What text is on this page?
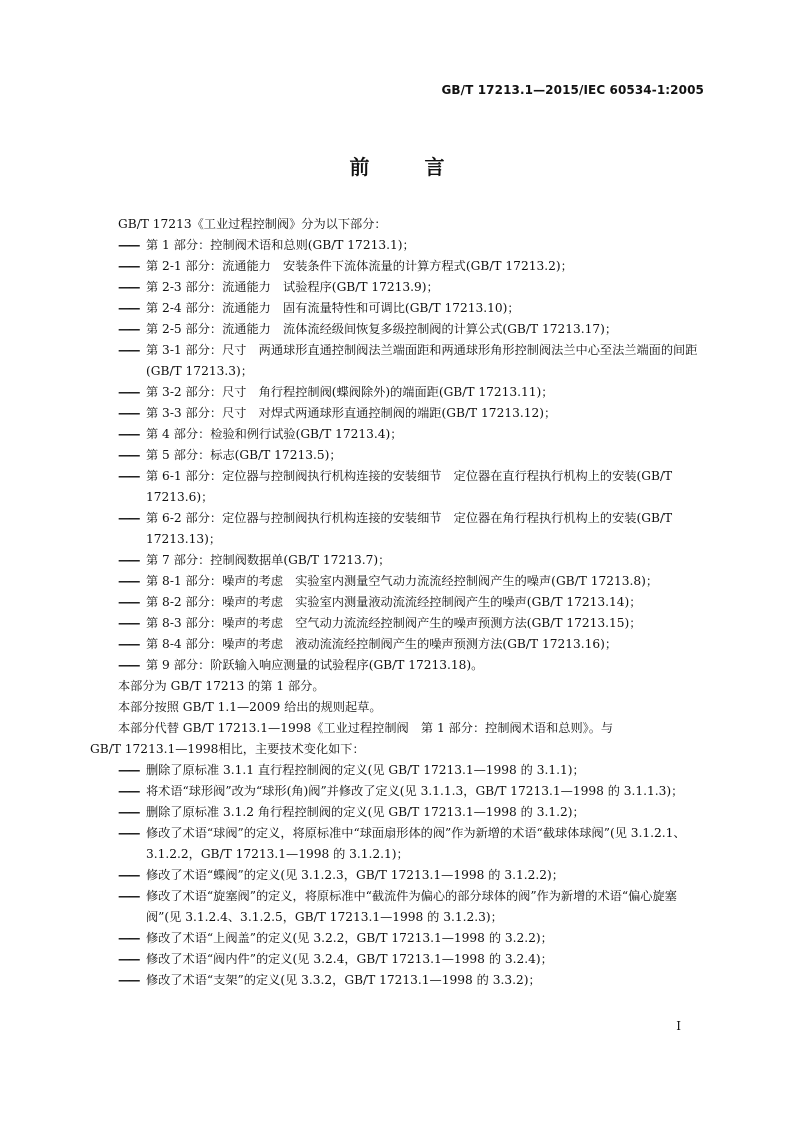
GB/T 17213.1—2015/IEC 60534-1:2005
前 言

GB/T 17213《工业过程控制阀》分为以下部分：

—— 第 1 部分：控制阀术语和总则(GB/T 17213.1)；

—— 第 2-1 部分：流通能力　安装条件下流体流量的计算方程式(GB/T 17213.2)；

—— 第 2-3 部分：流通能力　试验程序(GB/T 17213.9)；

—— 第 2-4 部分：流通能力　固有流量特性和可调比(GB/T 17213.10)；

—— 第 2-5 部分：流通能力　流体流经级间恢复多级控制阀的计算公式(GB/T 17213.17)；

—— 第 3-1 部分：尺寸　两通球形直通控制阀法兰端面距和两通球形角形控制阀法兰中心至法兰端面的间距(GB/T 17213.3)；

—— 第 3-2 部分：尺寸　角行程控制阀(蝶阀除外)的端面距(GB/T 17213.11)；

—— 第 3-3 部分：尺寸　对焊式两通球形直通控制阀的端距(GB/T 17213.12)；

—— 第 4 部分：检验和例行试验(GB/T 17213.4)；

—— 第 5 部分：标志(GB/T 17213.5)；

—— 第 6-1 部分：定位器与控制阀执行机构连接的安装细节　定位器在直行程执行机构上的安装(GB/T 17213.6)；

—— 第 6-2 部分：定位器与控制阀执行机构连接的安装细节　定位器在角行程执行机构上的安装(GB/T 17213.13)；

—— 第 7 部分：控制阀数据单(GB/T 17213.7)；

—— 第 8-1 部分：噪声的考虑　实验室内测量空气动力流流经控制阀产生的噪声(GB/T 17213.8)；

—— 第 8-2 部分：噪声的考虑　实验室内测量液动流流经控制阀产生的噪声(GB/T 17213.14)；

—— 第 8-3 部分：噪声的考虑　空气动力流流经控制阀产生的噪声预测方法(GB/T 17213.15)；

—— 第 8-4 部分：噪声的考虑　液动流流经控制阀产生的噪声预测方法(GB/T 17213.16)；

—— 第 9 部分：阶跃输入响应测量的试验程序(GB/T 17213.18)。

本部分为 GB/T 17213 的第 1 部分。

本部分按照 GB/T 1.1—2009 给出的规则起草。

本部分代替 GB/T 17213.1—1998《工业过程控制阀　第 1 部分：控制阀术语和总则》。与

GB/T 17213.1—1998相比，主要技术变化如下：

—— 删除了原标准 3.1.1 直行程控制阀的定义(见 GB/T 17213.1—1998 的 3.1.1)；

—— 将术语“球形阀”改为“球形(角)阀”并修改了定义(见 3.1.1.3，GB/T 17213.1—1998 的 3.1.1.3)；

—— 删除了原标准 3.1.2 角行程控制阀的定义(见 GB/T 17213.1—1998 的 3.1.2)；

—— 修改了术语“球阀”的定义，将原标准中“球面扇形体的阀”作为新增的术语“截球体球阀”(见 3.1.2.1、3.1.2.2，GB/T 17213.1—1998 的 3.1.2.1)；

—— 修改了术语“蝶阀”的定义(见 3.1.2.3，GB/T 17213.1—1998 的 3.1.2.2)；

—— 修改了术语“旋塞阀”的定义，将原标准中“截流件为偏心的部分球体的阀”作为新增的术语“偏心旋塞阀”(见 3.1.2.4、3.1.2.5，GB/T 17213.1—1998 的 3.1.2.3)；

—— 修改了术语“上阀盖”的定义(见 3.2.2，GB/T 17213.1—1998 的 3.2.2)；

—— 修改了术语“阀内件”的定义(见 3.2.4，GB/T 17213.1—1998 的 3.2.4)；

—— 修改了术语“支架”的定义(见 3.3.2，GB/T 17213.1—1998 的 3.3.2)；

I
